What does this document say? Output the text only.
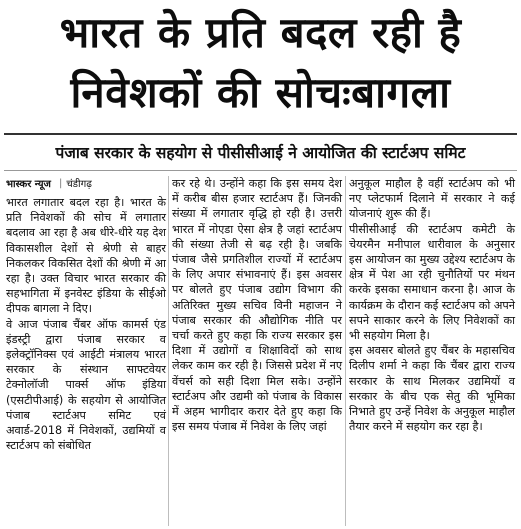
भारत के प्रति बदल रही है
निवेशकों की सोचःबागला
पंजाब सरकार के सहयोग से पीसीसीआई ने आयोजित की स्टार्टअप समिट
भास्कर न्यूज | चंडीगढ़

भारत लगातार बदल रहा है। भारत के प्रति निवेशकों की सोच में लगातार बदलाव आ रहा है अब धीरे-धीरे यह देश विकासशील देशों से श्रेणी से बाहर निकलकर विकसित देशों की श्रेणी में आ रहा है। उक्त विचार भारत सरकार की सहभागिता में इनवेस्ट इंडिया के सीईओ दीपक बागला ने दिए।

वे आज पंजाब चैंबर ऑफ कामर्स एंड इंडस्ट्री द्वारा पंजाब सरकार व इलेक्ट्रॉनिक्स एवं आईटी मंत्रालय भारत सरकार के संस्थान साफ्टवेयर टेक्नोलॉजी पार्क्स ऑफ इंडिया (एसटीपीआई) के सहयोग से आयोजित पंजाब स्टार्टअप समिट एवं अवार्ड-2018 में निवेशकों, उद्यमियों व स्टार्टअप को संबोधित

कर रहे थे। उन्होंने कहा कि इस समय देश में करीब बीस हजार स्टार्टअप हैं। जिनकी संख्या में लगातार वृद्धि हो रही है। उत्तरी भारत में नोएडा ऐसा क्षेत्र है जहां स्टार्टअप की संख्या तेजी से बढ़ रही है। जबकि पंजाब जैसे प्रगतिशील राज्यों में स्टार्टअप के लिए अपार संभावनाएं हैं। इस अवसर पर बोलते हुए पंजाब उद्योग विभाग की अतिरिक्त मुख्य सचिव विनी महाजन ने पंजाब सरकार की औद्योगिक नीति पर चर्चा करते हुए कहा कि राज्य सरकार इस दिशा में उद्योगों व शिक्षाविदों को साथ लेकर काम कर रही है। जिससे प्रदेश में नए वेंचर्स को सही दिशा मिल सके। उन्होंने स्टार्टअप और उद्यमी को पंजाब के विकास में अहम भागीदार करार देते हुए कहा कि इस समय पंजाब में निवेश के लिए जहां

अनुकूल माहौल है वहीं स्टार्टअप को भी नए प्लेटफार्म दिलाने में सरकार ने कई योजनाएं शुरू की हैं।

पीसीसीआई की स्टार्टअप कमेटी के चेयरमैन मनीपाल धारीवाल के अनुसार इस आयोजन का मुख्य उद्देश्य स्टार्टअप के क्षेत्र में पेश आ रही चुनौतियों पर मंथन करके इसका समाधान करना है। आज के कार्यक्रम के दौरान कई स्टार्टअप को अपने सपने साकार करने के लिए निवेशकों का भी सहयोग मिला है।

इस अवसर बोलते हुए चैंबर के महासचिव दिलीप शर्मा ने कहा कि चैंबर द्वारा राज्य सरकार के साथ मिलकर उद्यमियों व सरकार के बीच एक सेतु की भूमिका निभाते हुए उन्हें निवेश के अनुकूल माहौल तैयार करने में सहयोग कर रहा है।
